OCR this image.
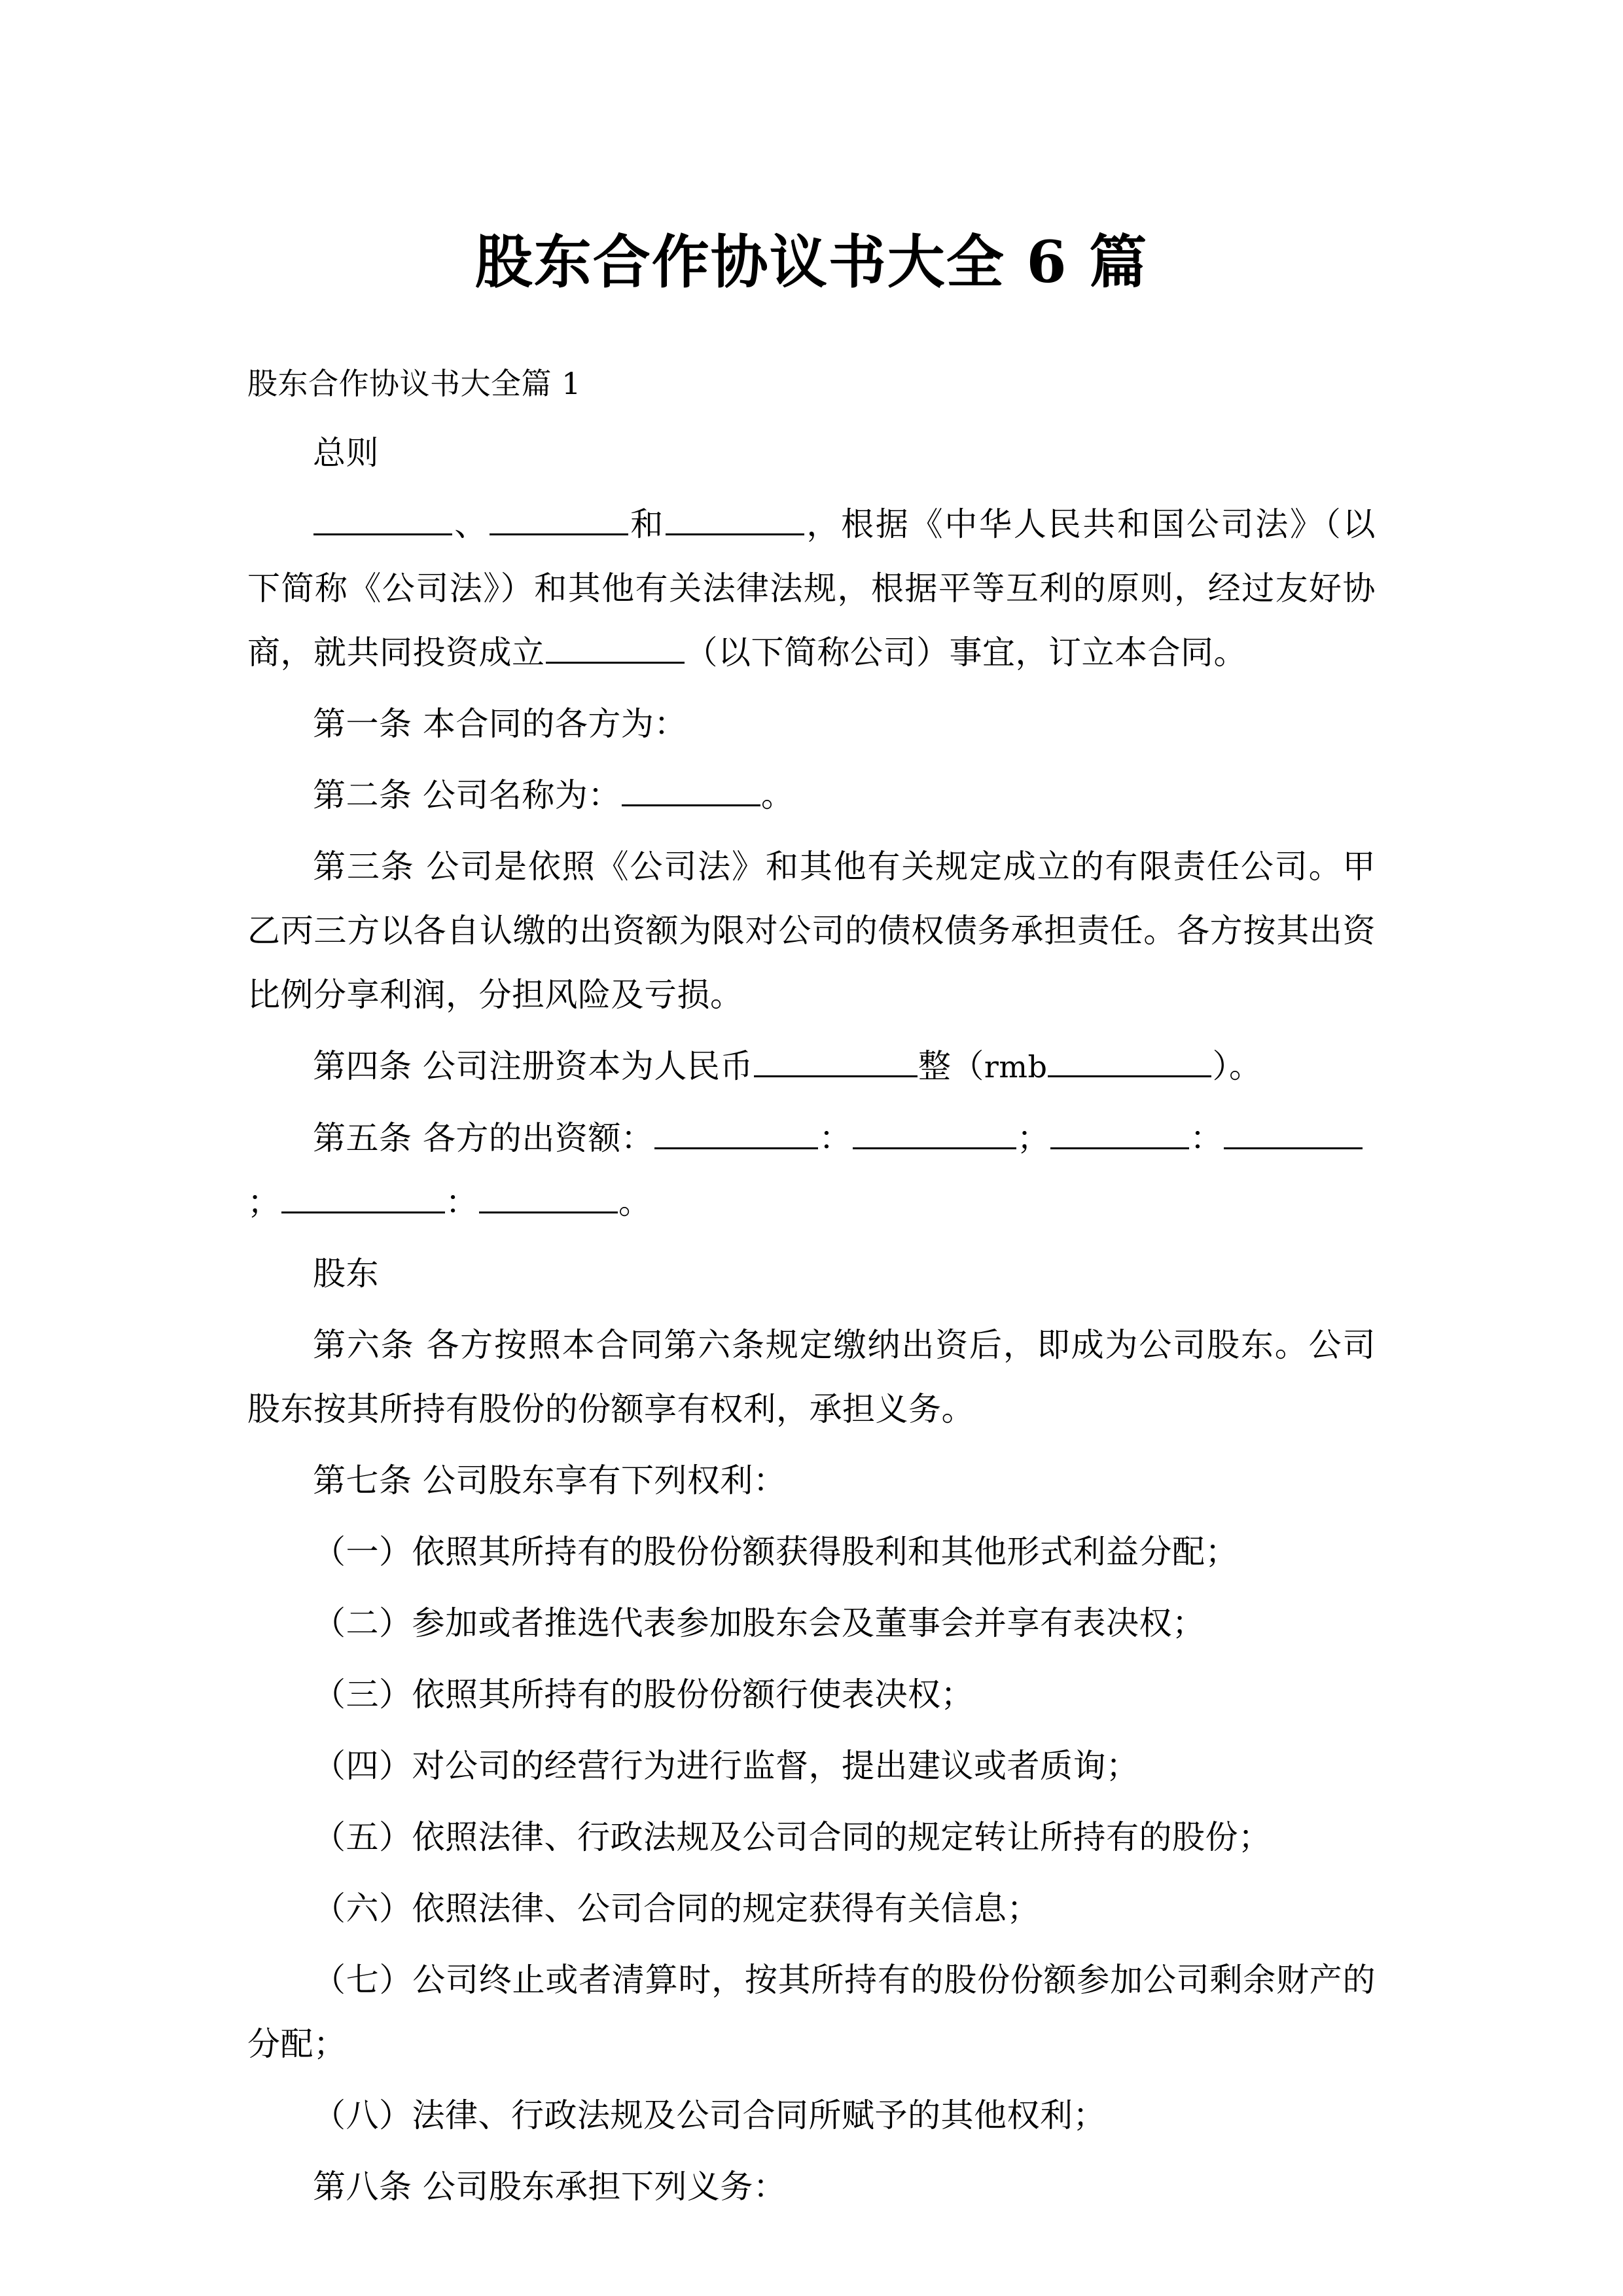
股东合作协议书大全 6 篇

股东合作协议书大全篇 1

总则

、	和	，根据《中华人民共和国公司法》（以下简称《公司法》）和其他有关法律法规，根据平等互利的原则，经过友好协商，就共同投资成立	（以下简称公司）事宜，订立本合同。

第一条 本合同的各方为：

第二条 公司名称为：	。

第三条 公司是依照《公司法》和其他有关规定成立的有限责任公司。甲乙丙三方以各自认缴的出资额为限对公司的债权债务承担责任。各方按其出资比例分享利润，分担风险及亏损。

第四条 公司注册资本为人民币	整（rmb	）。

第五条 各方的出资额：	：	；	：；	：	。

股东

第六条 各方按照本合同第六条规定缴纳出资后，即成为公司股东。公司股东按其所持有股份的份额享有权利，承担义务。

第七条 公司股东享有下列权利：

（一）依照其所持有的股份份额获得股利和其他形式利益分配；

（二）参加或者推选代表参加股东会及董事会并享有表决权；

（三）依照其所持有的股份份额行使表决权；

（四）对公司的经营行为进行监督，提出建议或者质询；

（五）依照法律、行政法规及公司合同的规定转让所持有的股份；

（六）依照法律、公司合同的规定获得有关信息；

（七）公司终止或者清算时，按其所持有的股份份额参加公司剩余财产的分配；

（八）法律、行政法规及公司合同所赋予的其他权利；

第八条 公司股东承担下列义务：
